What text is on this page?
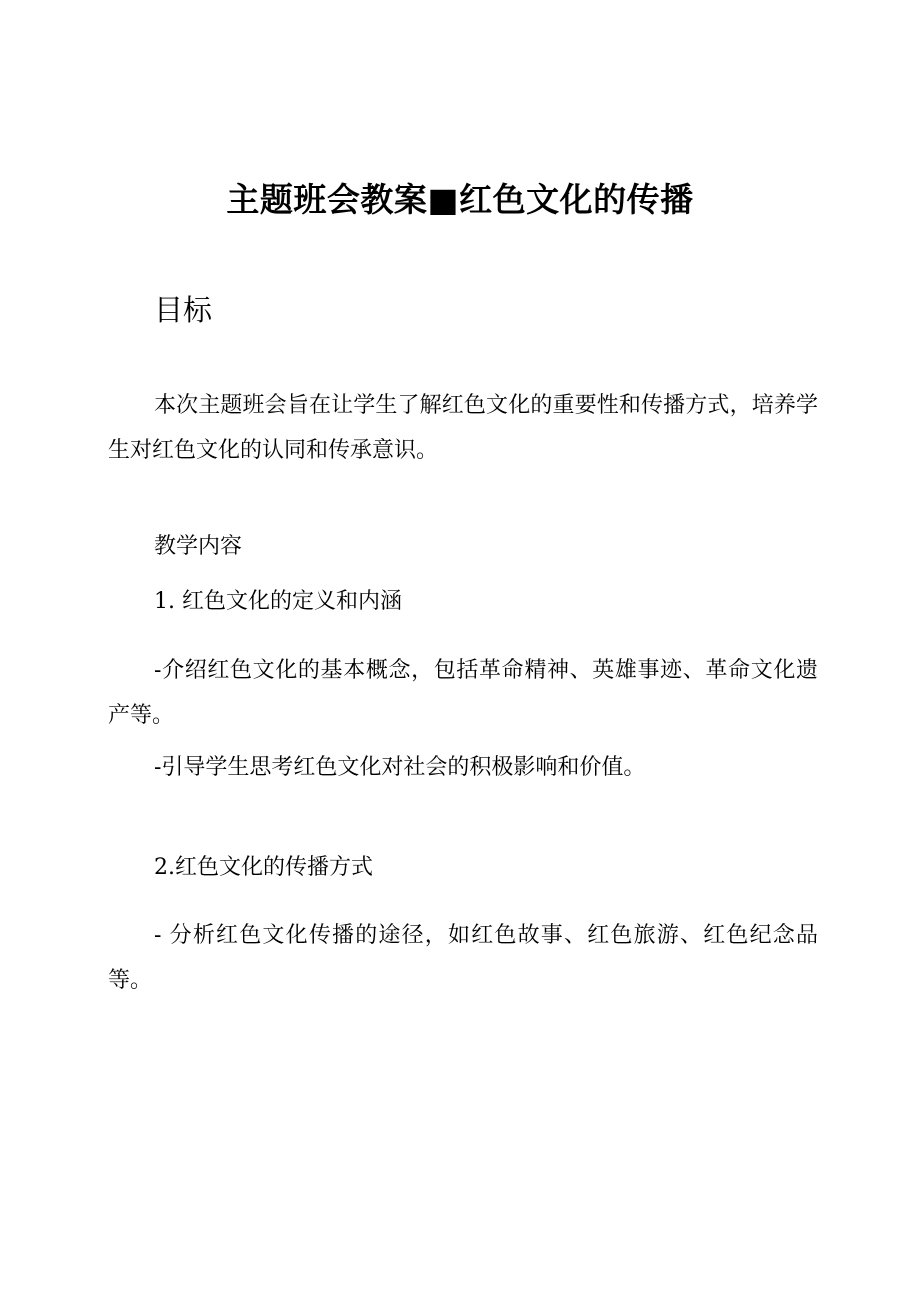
主题班会教案■红色文化的传播
目标

本次主题班会旨在让学生了解红色文化的重要性和传播方式，培养学生对红色文化的认同和传承意识。

教学内容

1. 红色文化的定义和内涵

-介绍红色文化的基本概念，包括革命精神、英雄事迹、革命文化遗产等。

-引导学生思考红色文化对社会的积极影响和价值。

2.红色文化的传播方式

- 分析红色文化传播的途径，如红色故事、红色旅游、红色纪念品等。
